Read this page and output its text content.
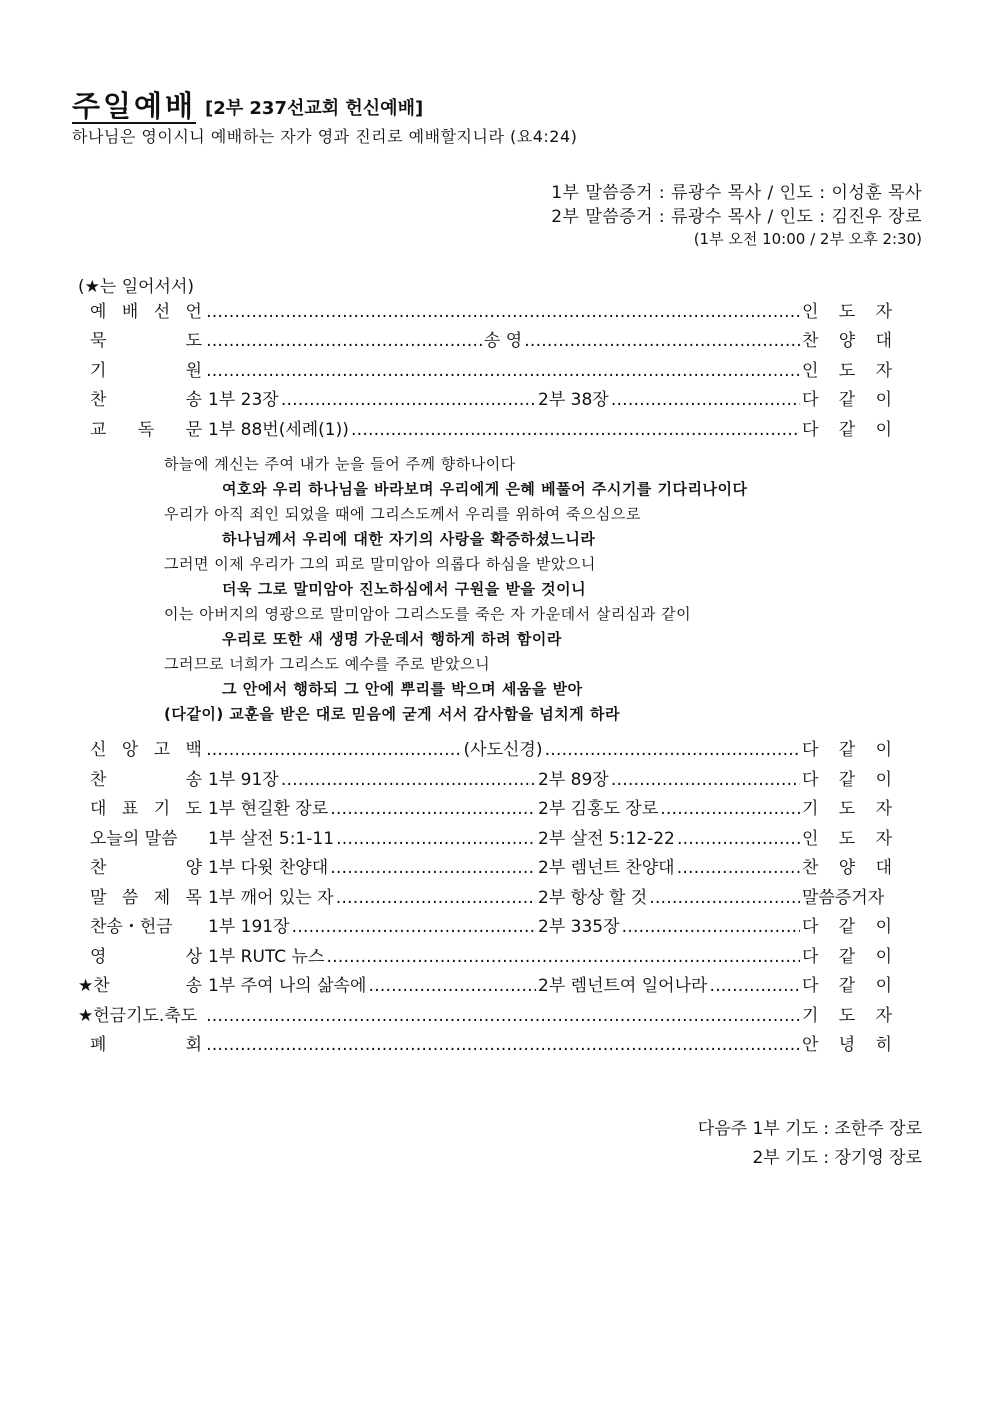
주일예배 [2부 237선교회 헌신예배]
하나님은 영이시니 예배하는 자가 영과 진리로 예배할지니라 (요4:24)
1부 말씀증거 : 류광수 목사 / 인도 : 이성훈 목사
2부 말씀증거 : 류광수 목사 / 인도 : 김진우 장로
(1부 오전 10:00 / 2부 오후 2:30)
(★는 일어서서)
예 배 선 언 ……………………………………………………………………………………………………………………………………………………………	인 도 자
묵	도 ……………………………………………………………………………………………………………………………………………………………	송 영 ……………………………………………………………………………………………………………………………………………………………	찬 양 대
기	원 ……………………………………………………………………………………………………………………………………………………………	인 도 자
찬	송 1부 23장 ……………………………………………………………………………………………………………………………………………………………	2부 38장 ……………………………………………………………………………………………………………………………………………………………	다 같 이
교 독 문 1부 88번(세례(1)) ……………………………………………………………………………………………………………………………………………………………	다 같 이
하늘에 계신는 주여 내가 눈을 들어 주께 향하나이다
여호와 우리 하나님을 바라보며 우리에게 은혜 베풀어 주시기를 기다리나이다
우리가 아직 죄인 되었을 때에 그리스도께서 우리를 위하여 죽으심으로
하나님께서 우리에 대한 자기의 사랑을 확증하셨느니라
그러면 이제 우리가 그의 피로 말미암아 의롭다 하심을 받았으니
더욱 그로 말미암아 진노하심에서 구원을 받을 것이니
이는 아버지의 영광으로 말미암아 그리스도를 죽은 자 가운데서 살리심과 같이
우리로 또한 새 생명 가운데서 행하게 하려 함이라
그러므로 너희가 그리스도 예수를 주로 받았으니
그 안에서 행하되 그 안에 뿌리를 박으며 세움을 받아
(다같이) 교훈을 받은 대로 믿음에 굳게 서서 감사함을 넘치게 하라
신 앙 고 백 ……………………………………………………………………………………………………………………………………………………………	(사도신경) ……………………………………………………………………………………………………………………………………………………………	다 같 이
찬	송 1부 91장 ……………………………………………………………………………………………………………………………………………………………	2부 89장 ……………………………………………………………………………………………………………………………………………………………	다 같 이
대 표 기 도 1부 현길환 장로 ……………………………………………………………………………………………………………………………………………………………	2부 김홍도 장로 ……………………………………………………………………………………………………………………………………………………………	기 도 자
오늘의 말씀 1부 살전 5:1-11 ……………………………………………………………………………………………………………………………………………………………	2부 살전 5:12-22 ……………………………………………………………………………………………………………………………………………………………	인 도 자
찬	양 1부 다윗 찬양대 ……………………………………………………………………………………………………………………………………………………………	2부 렘넌트 찬양대 ……………………………………………………………………………………………………………………………………………………………	찬 양 대
말 씀 제 목 1부 깨어 있는 자 ……………………………………………………………………………………………………………………………………………………………	2부 항상 할 것 ……………………………………………………………………………………………………………………………………………………………	말씀증거자
찬송・헌금 1부 191장 ……………………………………………………………………………………………………………………………………………………………	2부 335장 ……………………………………………………………………………………………………………………………………………………………	다 같 이
영	상 1부 RUTC 뉴스 ……………………………………………………………………………………………………………………………………………………………	다 같 이
★찬	송 1부 주여 나의 삶속에 ……………………………………………………………………………………………………………………………………………………………	2부 렘넌트여 일어나라 ……………………………………………………………………………………………………………………………………………………………	다 같 이
★헌금기도.축도 ……………………………………………………………………………………………………………………………………………………………	기 도 자
폐	회 ……………………………………………………………………………………………………………………………………………………………	안 녕 히
다음주 1부 기도 : 조한주 장로
2부 기도 : 장기영 장로
